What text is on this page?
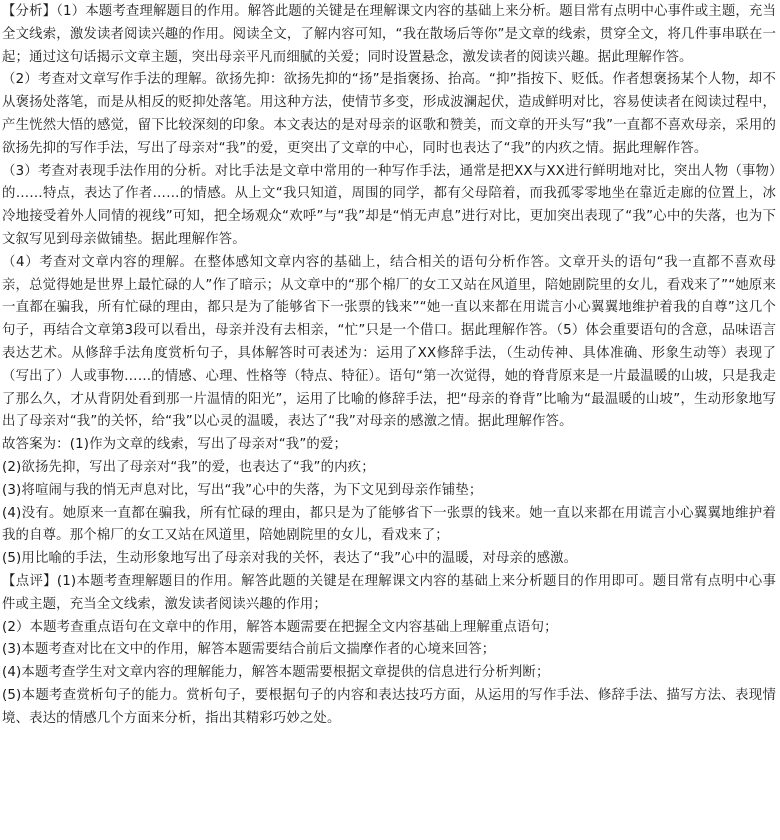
【分析】（1）本题考查理解题目的作用。解答此题的关键是在理解课文内容的基础上来分析。题目常有点明中心事件或主题，充当全文线索，激发读者阅读兴趣的作用。阅读全文，了解内容可知，“我在散场后等你”是文章的线索，贯穿全文，将几件事串联在一起；通过这句话揭示文章主题，突出母亲平凡而细腻的关爱；同时设置悬念，激发读者的阅读兴趣。据此理解作答。

（2）考查对文章写作手法的理解。欲扬先抑：欲扬先抑的“扬”是指褒扬、抬高。“抑”指按下、贬低。作者想褒扬某个人物，却不从褒扬处落笔，而是从相反的贬抑处落笔。用这种方法，使情节多变，形成波澜起伏，造成鲜明对比，容易使读者在阅读过程中，产生恍然大悟的感觉，留下比较深刻的印象。本文表达的是对母亲的讴歌和赞美，而文章的开头写“我”一直都不喜欢母亲，采用的欲扬先抑的写作手法，写出了母亲对“我”的爱，更突出了文章的中心，同时也表达了“我”的内疚之情。据此理解作答。

（3）考查对表现手法作用的分析。对比手法是文章中常用的一种写作手法，通常是把XX与XX进行鲜明地对比，突出人物（事物）的……特点，表达了作者……的情感。从上文“我只知道，周围的同学，都有父母陪着，而我孤零零地坐在靠近走廊的位置上，冰冷地接受着外人同情的视线”可知，把全场观众“欢呼”与“我”却是“悄无声息”进行对比，更加突出表现了“我”心中的失落，也为下文叙写见到母亲做铺垫。据此理解作答。

（4）考查对文章内容的理解。在整体感知文章内容的基础上，结合相关的语句分析作答。文章开头的语句“我一直都不喜欢母亲，总觉得她是世界上最忙碌的人”作了暗示；从文章中的“那个棉厂的女工又站在风道里，陪她剧院里的女儿，看戏来了”“她原来一直都在骗我，所有忙碌的理由，都只是为了能够省下一张票的钱来”“她一直以来都在用谎言小心翼翼地维护着我的自尊”这几个句子，再结合文章第3段可以看出，母亲并没有去相亲，“忙”只是一个借口。据此理解作答。（5）体会重要语句的含意，品味语言表达艺术。从修辞手法角度赏析句子，具体解答时可表述为：运用了XX修辞手法，（生动传神、具体准确、形象生动等）表现了（写出了）人或事物……的情感、心理、性格等（特点、特征）。语句“第一次觉得，她的脊背原来是一片最温暖的山坡，只是我走了那么久，才从背阴处看到那一片温情的阳光”，运用了比喻的修辞手法，把“母亲的脊背”比喻为“最温暖的山坡”，生动形象地写出了母亲对“我”的关怀，给“我”以心灵的温暖，表达了“我”对母亲的感激之情。据此理解作答。

故答案为：(1)作为文章的线索，写出了母亲对“我”的爱；

(2)欲扬先抑，写出了母亲对“我”的爱，也表达了“我”的内疚；

(3)将喧闹与我的悄无声息对比，写出“我”心中的失落，为下文见到母亲作铺垫；

(4)没有。她原来一直都在骗我，所有忙碌的理由，都只是为了能够省下一张票的钱来。她一直以来都在用谎言小心翼翼地维护着我的自尊。那个棉厂的女工又站在风道里，陪她剧院里的女儿，看戏来了；

(5)用比喻的手法，生动形象地写出了母亲对我的关怀，表达了“我”心中的温暖，对母亲的感激。

【点评】(1)本题考查理解题目的作用。解答此题的关键是在理解课文内容的基础上来分析题目的作用即可。题目常有点明中心事件或主题，充当全文线索，激发读者阅读兴趣的作用；

(2）本题考查重点语句在文章中的作用，解答本题需要在把握全文内容基础上理解重点语句；

(3)本题考查对比在文中的作用，解答本题需要结合前后文揣摩作者的心境来回答；

(4)本题考查学生对文章内容的理解能力，解答本题需要根据文章提供的信息进行分析判断；

(5)本题考查赏析句子的能力。赏析句子，要根据句子的内容和表达技巧方面，从运用的写作手法、修辞手法、描写方法、表现情境、表达的情感几个方面来分析，指出其精彩巧妙之处。
